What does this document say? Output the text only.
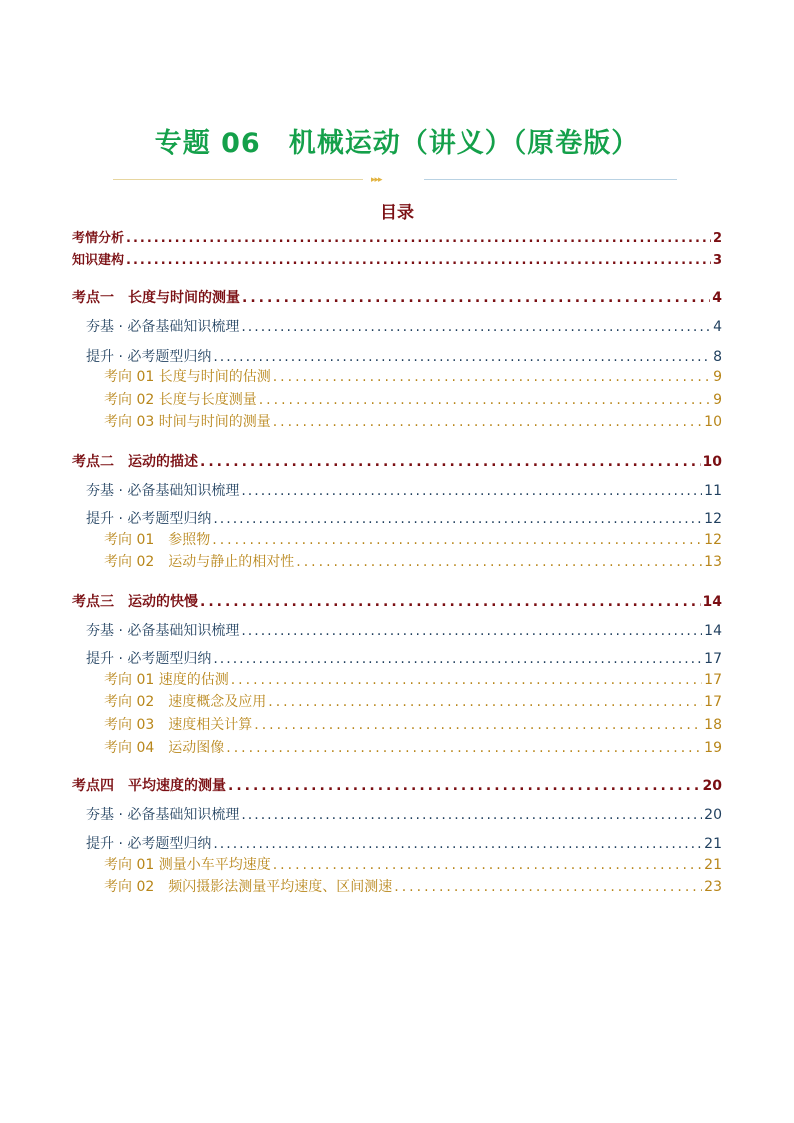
专题 06　机械运动（讲义）（原卷版）
▸▸▸
目录
考情分析 .....	2
知识建构 .....	3
考点一　长度与时间的测量 .....	4
夯基 · 必备基础知识梳理 .....	4
提升 · 必考题型归纳 .....	8
考向 01 长度与时间的估测 .....	9
考向 02 长度与长度测量 .....	9
考向 03 时间与时间的测量 .....	10
考点二　运动的描述 .....	10
夯基 · 必备基础知识梳理 .....	11
提升 · 必考题型归纳 .....	12
考向 01　参照物 .....	12
考向 02　运动与静止的相对性 .....	13
考点三　运动的快慢 .....	14
夯基 · 必备基础知识梳理 .....	14
提升 · 必考题型归纳 .....	17
考向 01 速度的估测 .....	17
考向 02　速度概念及应用 .....	17
考向 03　速度相关计算 .....	18
考向 04　运动图像 .....	19
考点四　平均速度的测量 .....	20
夯基 · 必备基础知识梳理 .....	20
提升 · 必考题型归纳 .....	21
考向 01 测量小车平均速度 .....	21
考向 02　频闪摄影法测量平均速度、区间测速 .....	23
